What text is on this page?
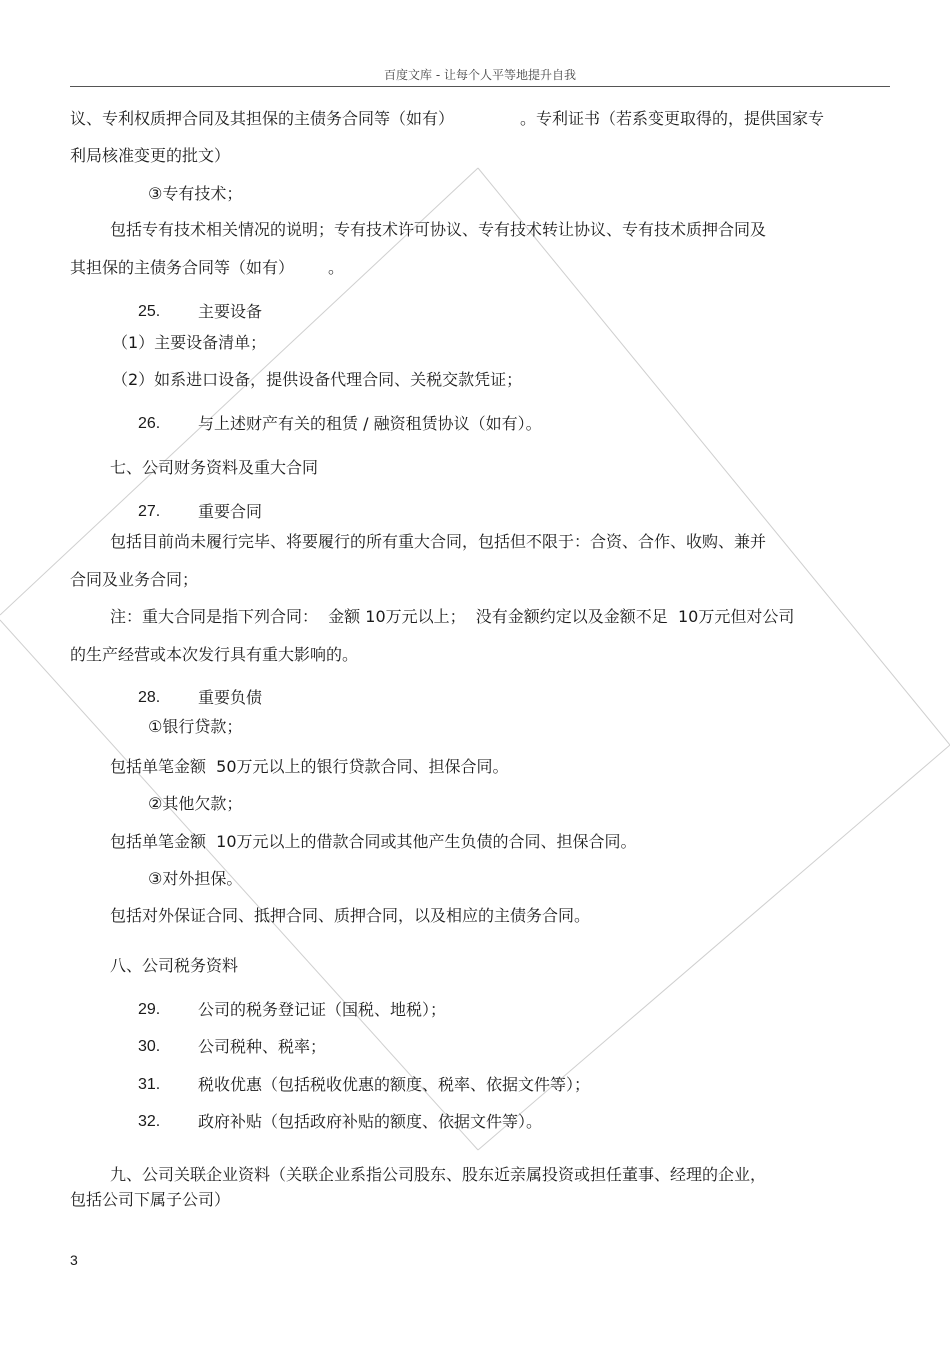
百度文库 - 让每个人平等地提升自我
议、专利权质押合同及其担保的主债务合同等（如有）	。专利证书（若系变更取得的，提供国家专
利局核准变更的批文）
③专有技术；
包括专有技术相关情况的说明；专有技术许可协议、专有技术转让协议、专有技术质押合同及
其担保的主债务合同等（如有） 。
25. 主要设备
（1）主要设备清单；
（2）如系进口设备，提供设备代理合同、关税交款凭证；
26. 与上述财产有关的租赁 / 融资租赁协议（如有）。
七、公司财务资料及重大合同
27. 重要合同
包括目前尚未履行完毕、将要履行的所有重大合同，包括但不限于：合资、合作、收购、兼并
合同及业务合同；
注：重大合同是指下列合同：  金额 10万元以上；  没有金额约定以及金额不足  10万元但对公司
的生产经营或本次发行具有重大影响的。
28. 重要负债
①银行贷款；
包括单笔金额  50万元以上的银行贷款合同、担保合同。
②其他欠款；
包括单笔金额  10万元以上的借款合同或其他产生负债的合同、担保合同。
③对外担保。
包括对外保证合同、抵押合同、质押合同，以及相应的主债务合同。
八、公司税务资料
29. 公司的税务登记证（国税、地税）；
30. 公司税种、税率；
31. 税收优惠（包括税收优惠的额度、税率、依据文件等）；
32. 政府补贴（包括政府补贴的额度、依据文件等）。
九、公司关联企业资料（关联企业系指公司股东、股东近亲属投资或担任董事、经理的企业，
包括公司下属子公司）
3
